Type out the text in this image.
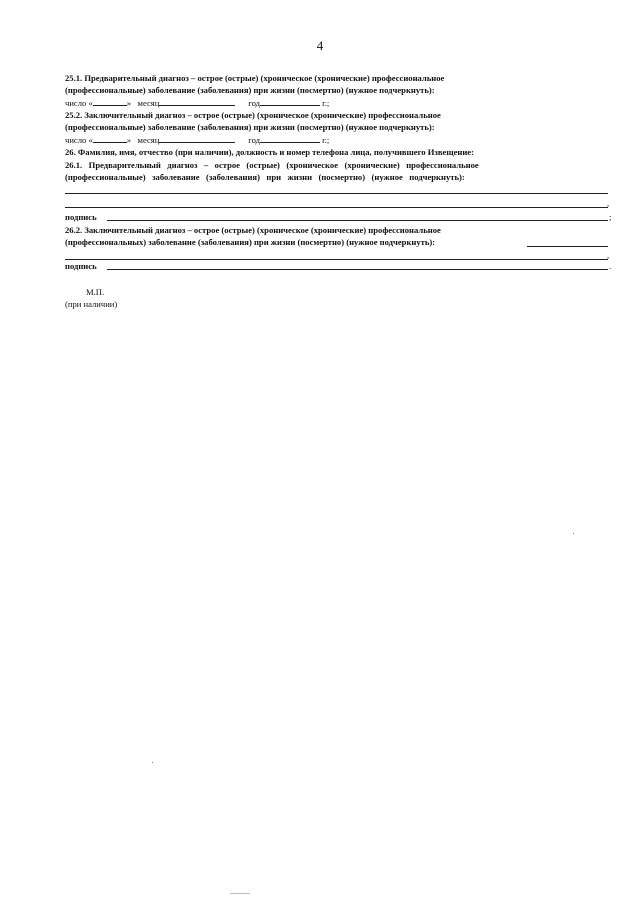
4
25.1. Предварительный диагноз – острое (острые) (хроническое (хронические) профессиональное
(профессиональные) заболевание (заболевания) при жизни (посмертно) (нужное подчеркнуть):
число «	» месяц	год	г.;
25.2. Заключительный диагноз – острое (острые) (хроническое (хронические) профессиональное
(профессиональные) заболевание (заболевания) при жизни (посмертно) (нужное подчеркнуть):
число «	» месяц	год	г.;
26. Фамилия, имя, отчество (при наличии), должность и номер телефона лица, получившего Извещение:
26.1.   Предварительный   диагноз   –   острое   (острые)   (хроническое   (хронические)   профессиональное
(профессиональные)   заболевание   (заболевания)   при   жизни   (посмертно)   (нужное   подчеркнуть):
,
подпись	;
26.2. Заключительный диагноз – острое (острые) (хроническое (хронические) профессиональное
(профессиональных) заболевание (заболевания) при жизни (посмертно) (нужное подчеркнуть):
,
подпись	.
М.П.
(при наличии)
